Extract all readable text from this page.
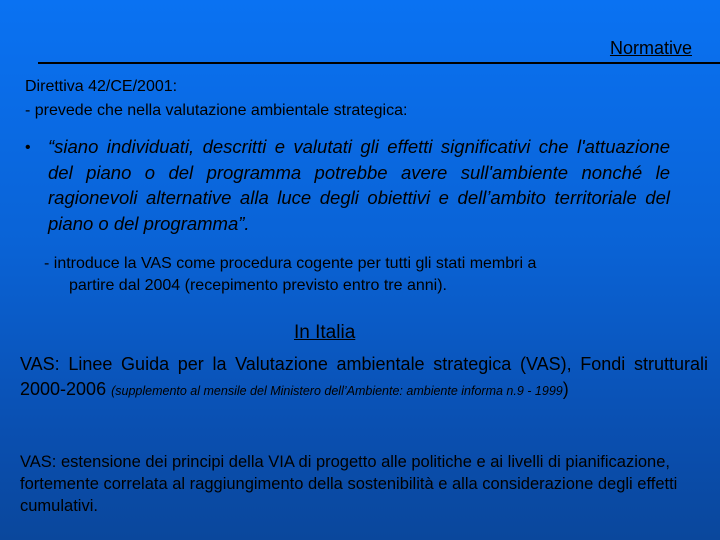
Normative
Direttiva 42/CE/2001:
- prevede che nella valutazione ambientale strategica:
• “siano individuati, descritti e valutati gli effetti significativi che l'attuazione del piano o del programma potrebbe avere sull'ambiente nonché le ragionevoli alternative alla luce degli obiettivi e dell’ambito territoriale del piano o del programma”.
- introduce la VAS come procedura cogente per tutti gli stati membri a
partire dal 2004 (recepimento previsto entro tre anni).
In Italia
VAS: Linee Guida per la Valutazione ambientale strategica (VAS), Fondi strutturali 2000-2006 (supplemento al mensile del Ministero dell’Ambiente: ambiente informa n.9 - 1999)
VAS: estensione dei principi della VIA di progetto alle politiche e ai livelli di pianificazione, fortemente correlata al raggiungimento della sostenibilità e alla considerazione degli effetti cumulativi.
